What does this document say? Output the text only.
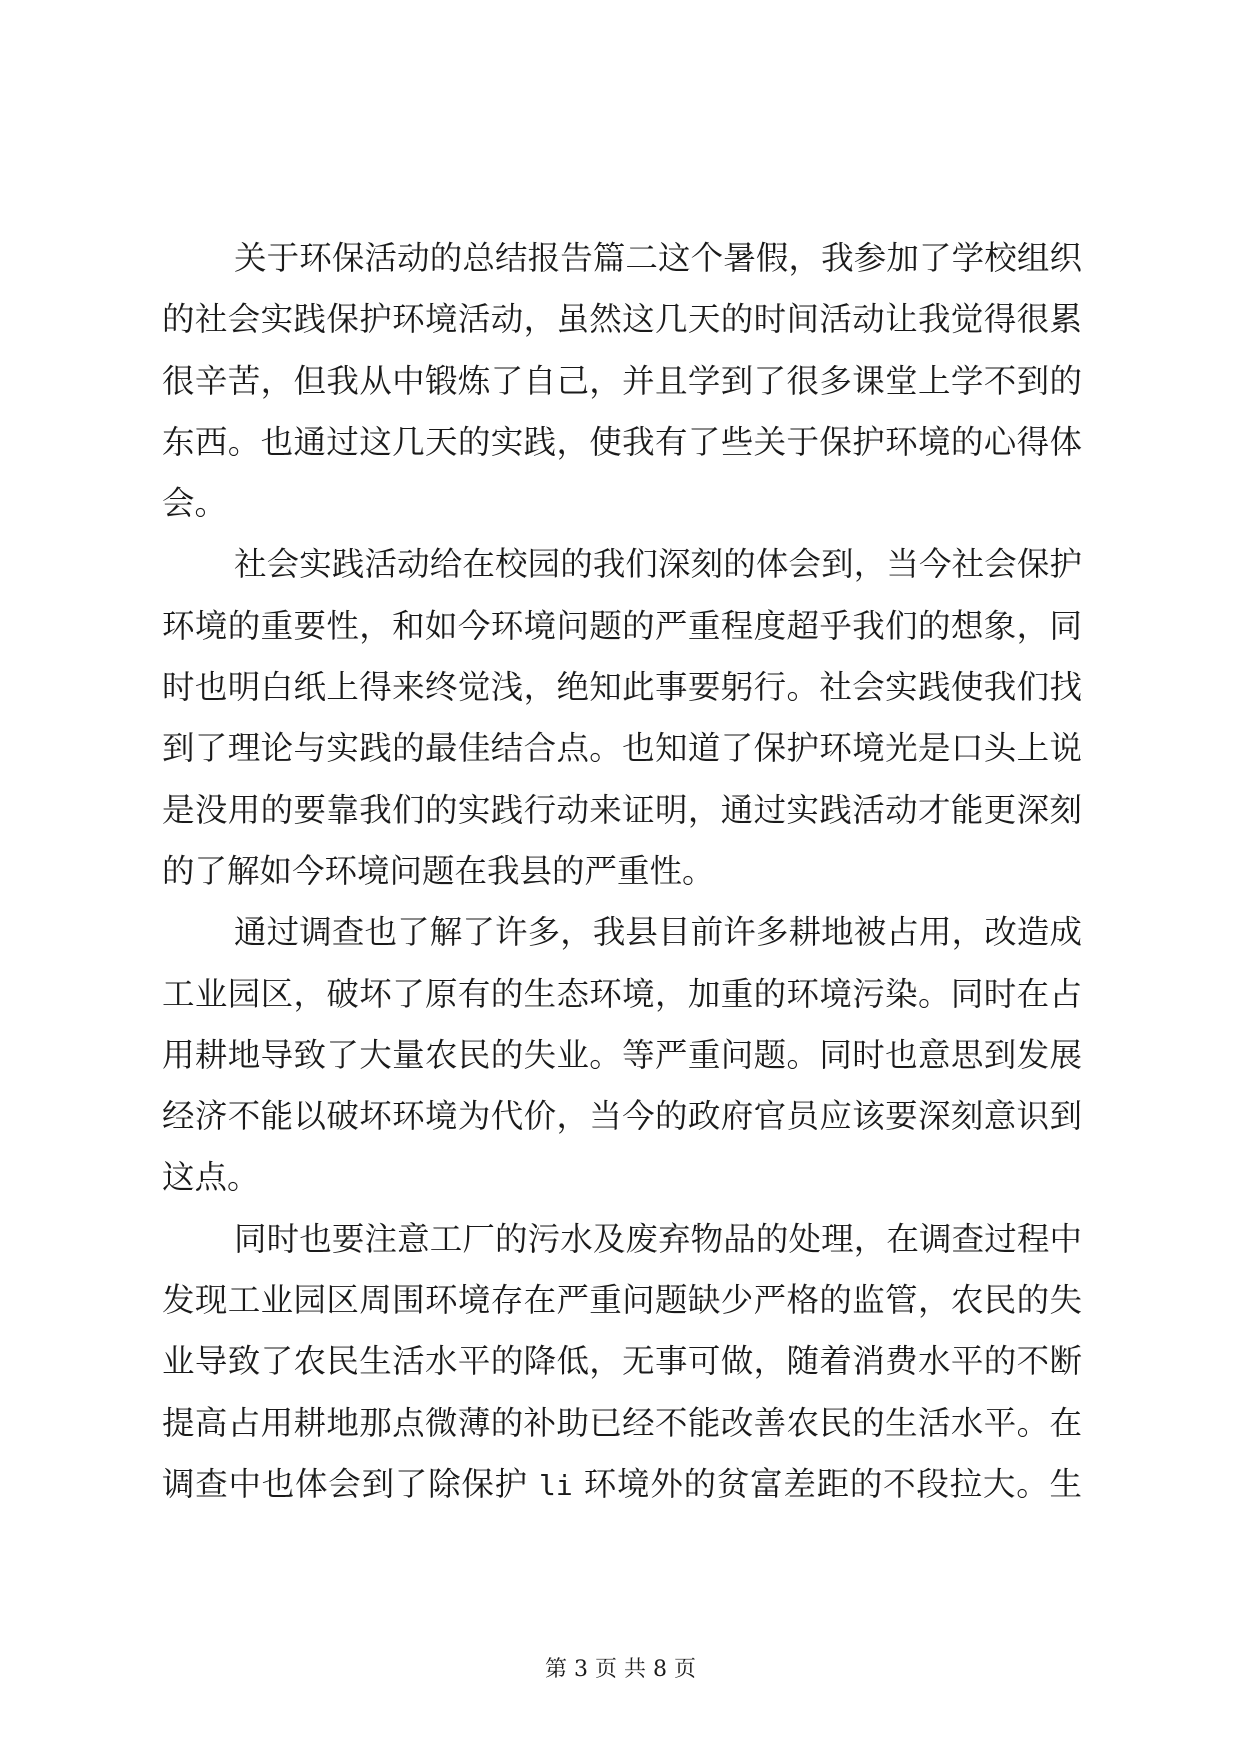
关于环保活动的总结报告篇二这个暑假，我参加了学校组织
的社会实践保护环境活动，虽然这几天的时间活动让我觉得很累
很辛苦，但我从中锻炼了自己，并且学到了很多课堂上学不到的
东西。也通过这几天的实践，使我有了些关于保护环境的心得体
会。
社会实践活动给在校园的我们深刻的体会到，当今社会保护
环境的重要性，和如今环境问题的严重程度超乎我们的想象，同
时也明白纸上得来终觉浅，绝知此事要躬行。社会实践使我们找
到了理论与实践的最佳结合点。也知道了保护环境光是口头上说
是没用的要靠我们的实践行动来证明，通过实践活动才能更深刻
的了解如今环境问题在我县的严重性。
通过调查也了解了许多，我县目前许多耕地被占用，改造成
工业园区，破坏了原有的生态环境，加重的环境污染。同时在占
用耕地导致了大量农民的失业。等严重问题。同时也意思到发展
经济不能以破坏环境为代价，当今的政府官员应该要深刻意识到
这点。
同时也要注意工厂的污水及废弃物品的处理，在调查过程中
发现工业园区周围环境存在严重问题缺少严格的监管，农民的失
业导致了农民生活水平的降低，无事可做，随着消费水平的不断
提高占用耕地那点微薄的补助已经不能改善农民的生活水平。在
调查中也体会到了除保护 li 环境外的贫富差距的不段拉大。生
第 3 页 共 8 页
